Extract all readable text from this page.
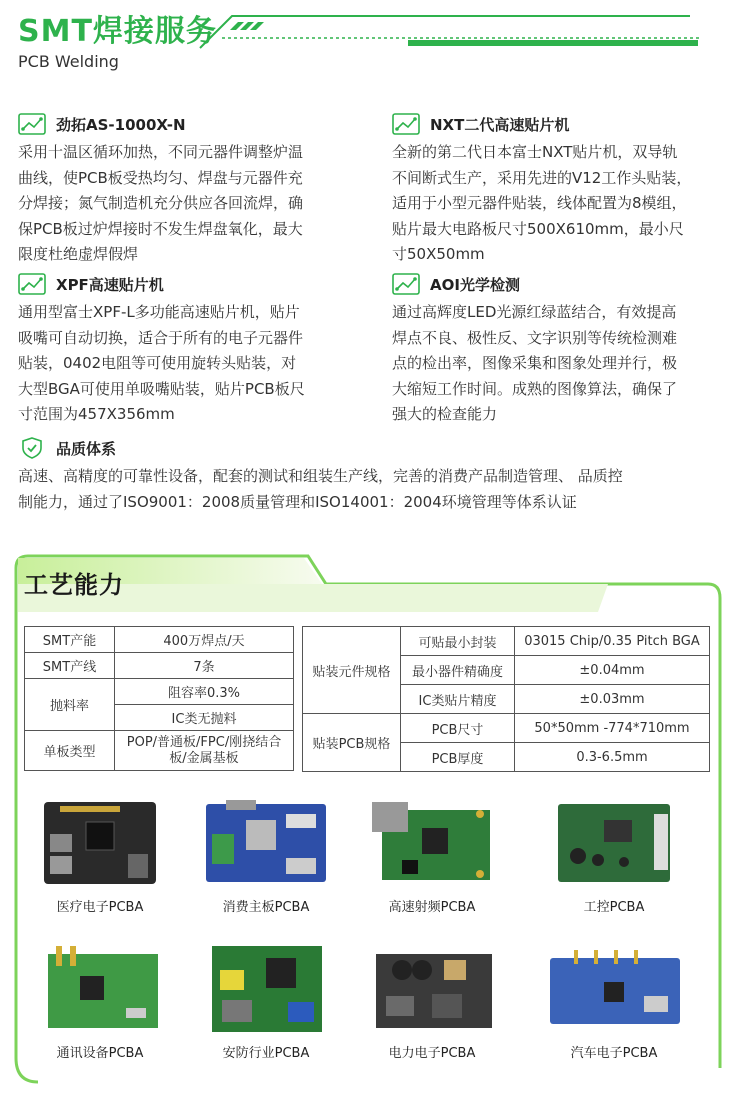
SMT焊接服务
PCB Welding
劲拓AS-1000X-N
采用十温区循环加热，不同元器件调整炉温
曲线，使PCB板受热均匀、焊盘与元器件充
分焊接；氮气制造机充分供应各回流焊，确
保PCB板过炉焊接时不发生焊盘氧化，最大
限度杜绝虚焊假焊
NXT二代高速贴片机
全新的第二代日本富士NXT贴片机，双导轨
不间断式生产，采用先进的V12工作头贴装，
适用于小型元器件贴装，线体配置为8模组，
贴片最大电路板尺寸500X610mm，最小尺
寸50X50mm
XPF高速贴片机
通用型富士XPF-L多功能高速贴片机，贴片
吸嘴可自动切换，适合于所有的电子元器件
贴装，0402电阻等可使用旋转头贴装，对
大型BGA可使用单吸嘴贴装，贴片PCB板尺
寸范围为457X356mm
AOI光学检测
通过高辉度LED光源红绿蓝结合，有效提高
焊点不良、极性反、文字识别等传统检测难
点的检出率，图像采集和图象处理并行，极
大缩短工作时间。成熟的图像算法，确保了
强大的检查能力
品质体系
高速、高精度的可靠性设备，配套的测试和组装生产线，完善的消费产品制造管理、 品质控
制能力，通过了ISO9001：2008质量管理和ISO14001：2004环境管理等体系认证
工艺能力
SMT产能	400万焊点/天
SMT产线	7条
抛料率	阻容率0.3%
	IC类无抛料
单板类型	POP/普通板/FPC/刚挠结合
板/金属基板
贴装元件规格	可贴最小封装	03015 Chip/0.35 Pitch BGA
	最小器件精确度	±0.04mm
	IC类贴片精度	±0.03mm
贴装PCB规格	PCB尺寸	50*50mm -774*710mm
	PCB厚度	0.3-6.5mm
医疗电子PCBA	消费主板PCBA	高速射频PCBA	工控PCBA
通讯设备PCBA	安防行业PCBA	电力电子PCBA	汽车电子PCBA
